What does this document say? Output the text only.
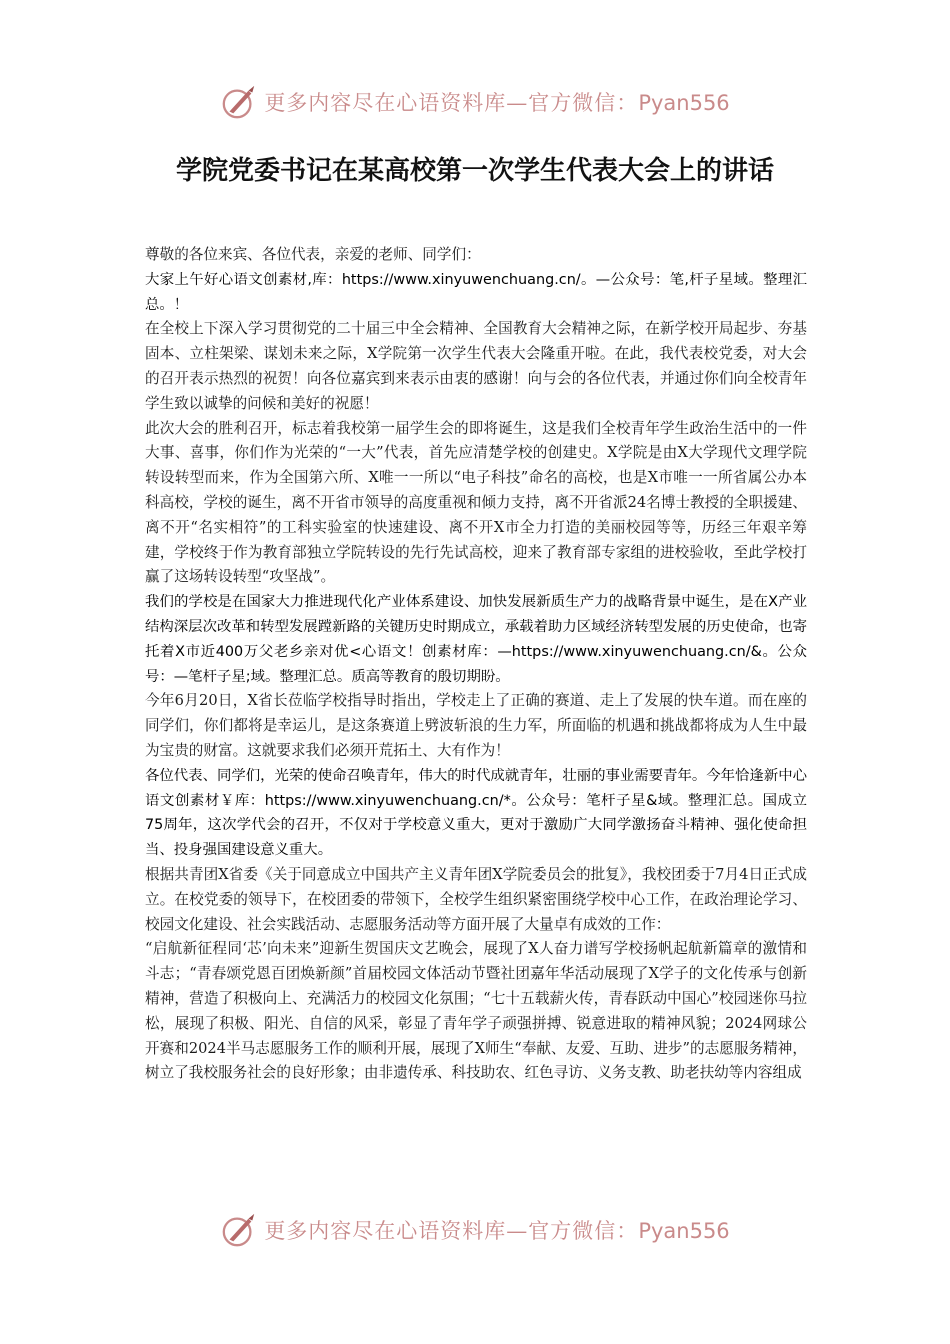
更多内容尽在心语资料库—官方微信：Pyan556
学院党委书记在某高校第一次学生代表大会上的讲话

尊敬的各位来宾、各位代表，亲爱的老师、同学们：

大家上午好心语文创素材,库：https://www.xinyuwenchuang.cn/。—公众号：笔,杆子星域。整理汇总。！

在全校上下深入学习贯彻党的二十届三中全会精神、全国教育大会精神之际，在新学校开局起步、夯基固本、立柱架梁、谋划未来之际，X学院第一次学生代表大会隆重开啦。在此，我代表校党委，对大会的召开表示热烈的祝贺！向各位嘉宾到来表示由衷的感谢！向与会的各位代表，并通过你们向全校青年学生致以诚挚的问候和美好的祝愿！

此次大会的胜利召开，标志着我校第一届学生会的即将诞生，这是我们全校青年学生政治生活中的一件大事、喜事，你们作为光荣的“一大”代表，首先应清楚学校的创建史。X学院是由X大学现代文理学院转设转型而来，作为全国第六所、X唯一一所以“电子科技”命名的高校，也是X市唯一一所省属公办本科高校，学校的诞生，离不开省市领导的高度重视和倾力支持，离不开省派24名博士教授的全职援建、离不开“名实相符”的工科实验室的快速建设、离不开X市全力打造的美丽校园等等，历经三年艰辛筹建，学校终于作为教育部独立学院转设的先行先试高校，迎来了教育部专家组的进校验收，至此学校打赢了这场转设转型“攻坚战”。

我们的学校是在国家大力推进现代化产业体系建设、加快发展新质生产力的战略背景中诞生，是在X产业结构深层次改革和转型发展蹚新路的关键历史时期成立，承载着助力区域经济转型发展的历史使命，也寄托着X市近400万父老乡亲对优<心语文！创素材库：—https://www.xinyuwenchuang.cn/&。公众号：—笔杆子星;域。整理汇总。质高等教育的殷切期盼。

今年6月20日，X省长莅临学校指导时指出，学校走上了正确的赛道、走上了发展的快车道。而在座的同学们，你们都将是幸运儿，是这条赛道上劈波斩浪的生力军，所面临的机遇和挑战都将成为人生中最为宝贵的财富。这就要求我们必须开荒拓土、大有作为！

各位代表、同学们，光荣的使命召唤青年，伟大的时代成就青年，壮丽的事业需要青年。今年恰逢新中心语文创素材￥库：https://www.xinyuwenchuang.cn/*。公众号：笔杆子星&域。整理汇总。国成立75周年，这次学代会的召开，不仅对于学校意义重大，更对于激励广大同学激扬奋斗精神、强化使命担当、投身强国建设意义重大。

根据共青团X省委《关于同意成立中国共产主义青年团X学院委员会的批复》，我校团委于7月4日正式成立。在校党委的领导下，在校团委的带领下，全校学生组织紧密围绕学校中心工作，在政治理论学习、校园文化建设、社会实践活动、志愿服务活动等方面开展了大量卓有成效的工作：

“启航新征程同‘芯’向未来”迎新生贺国庆文艺晚会，展现了X人奋力谱写学校扬帆起航新篇章的激情和斗志；“青春颂党恩百团焕新颜”首届校园文体活动节暨社团嘉年华活动展现了X学子的文化传承与创新精神，营造了积极向上、充满活力的校园文化氛围；“七十五载薪火传，青春跃动中国心”校园迷你马拉松，展现了积极、阳光、自信的风采，彰显了青年学子顽强拼搏、锐意进取的精神风貌；2024网球公开赛和2024半马志愿服务工作的顺利开展，展现了X师生“奉献、友爱、互助、进步”的志愿服务精神，树立了我校服务社会的良好形象；由非遗传承、科技助农、红色寻访、义务支教、助老扶幼等内容组成

更多内容尽在心语资料库—官方微信：Pyan556
